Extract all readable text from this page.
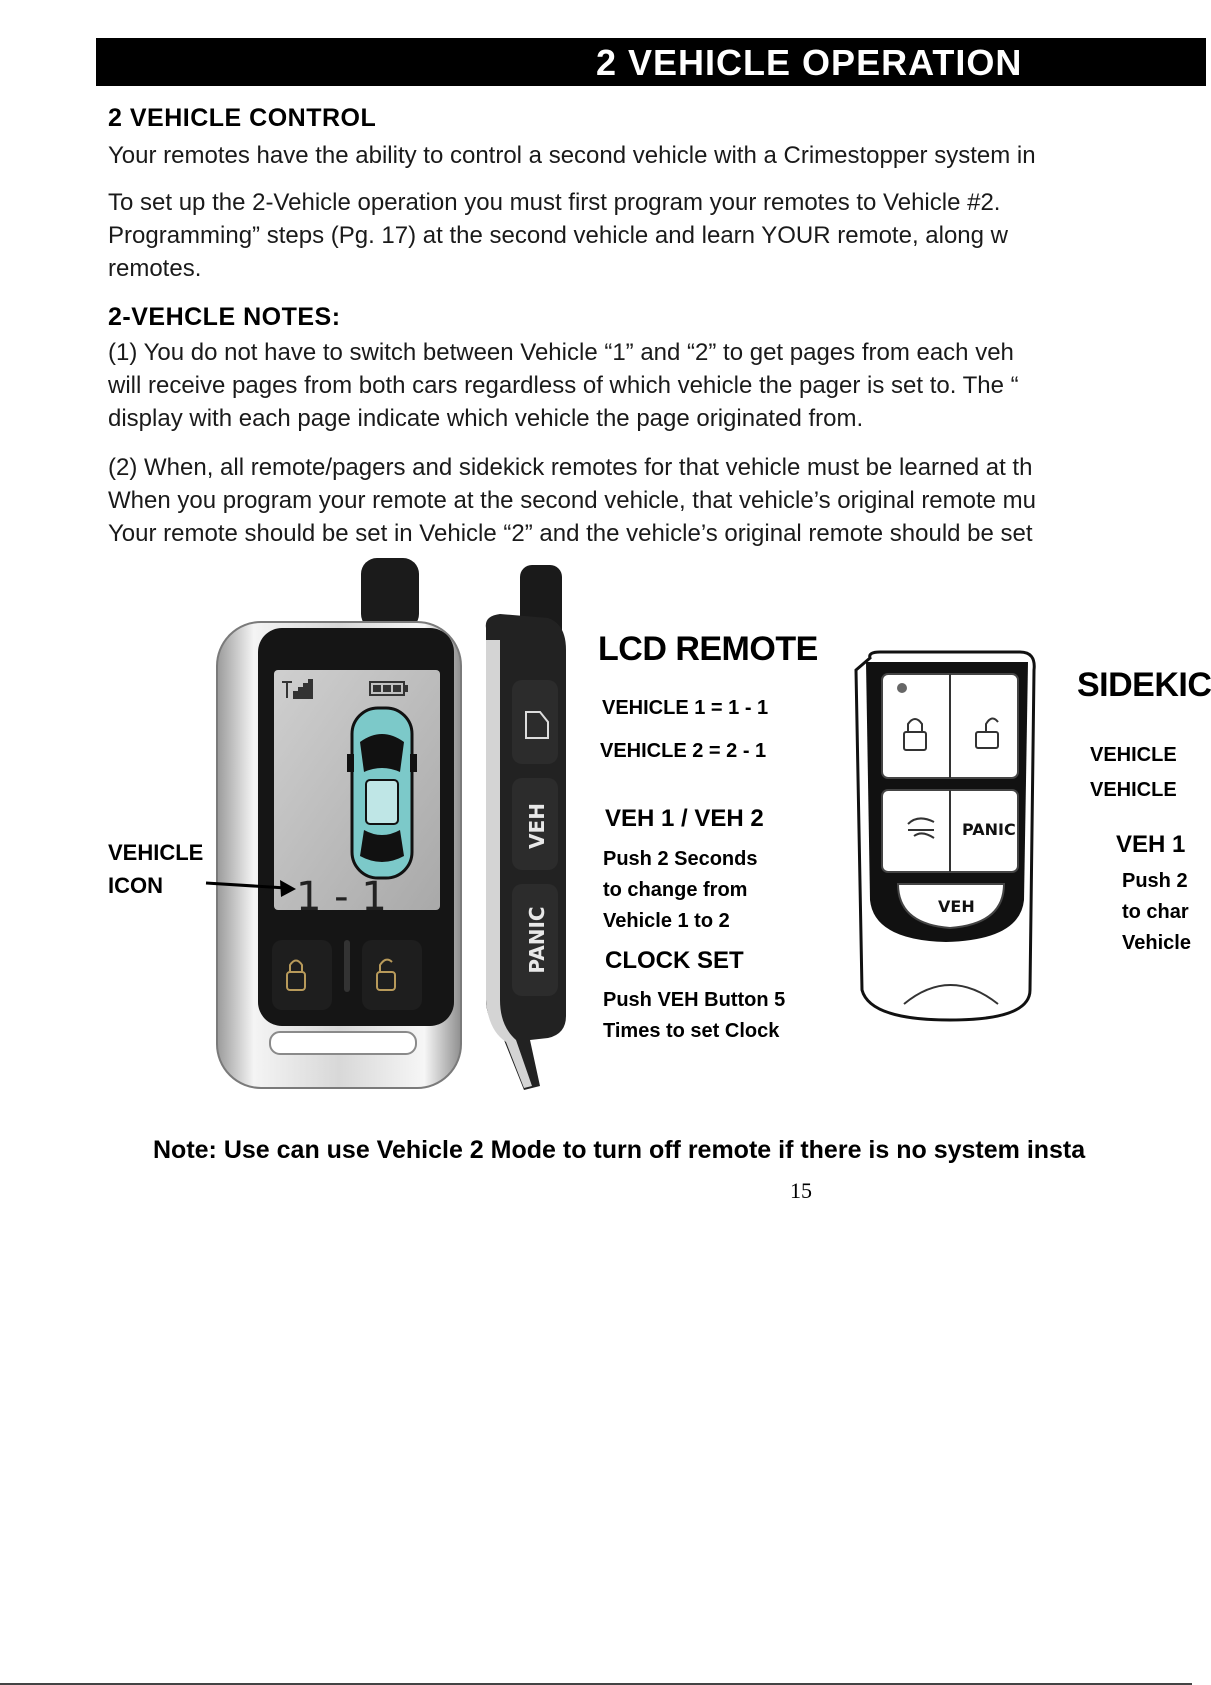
2 VEHICLE OPERATION
2 VEHICLE CONTROL
Your remotes have the ability to control a second vehicle with a Crimestopper system in
To set up the 2-Vehicle operation you must first program your remotes to Vehicle #2.
Programming” steps (Pg. 17) at the second vehicle and learn YOUR remote, along w
remotes.
2-VEHCLE NOTES:
(1) You do not have to switch between Vehicle “1” and “2” to get pages from each veh
will receive pages from both cars regardless of which vehicle the pager is set to. The “
display with each page indicate which vehicle the page originated from.
(2) When, all remote/pagers and sidekick remotes for that vehicle must be learned at th
When you program your remote at the second vehicle, that vehicle’s original remote mu
Your remote should be set in Vehicle “2” and the vehicle’s original remote should be set
1 - 1
VEH
PANIC
PANIC
VEH
VEHICLE
ICON
LCD REMOTE
VEHICLE 1 = 1 - 1
VEHICLE 2 = 2 - 1
VEH 1 / VEH 2
Push 2 Seconds
to change from
Vehicle 1 to 2
CLOCK SET
Push VEH Button 5
Times to set Clock
SIDEKIC
VEHICLE
VEHICLE
VEH 1
Push 2
to char
Vehicle
Note: Use can use Vehicle 2 Mode to turn off remote if there is no system insta
15
